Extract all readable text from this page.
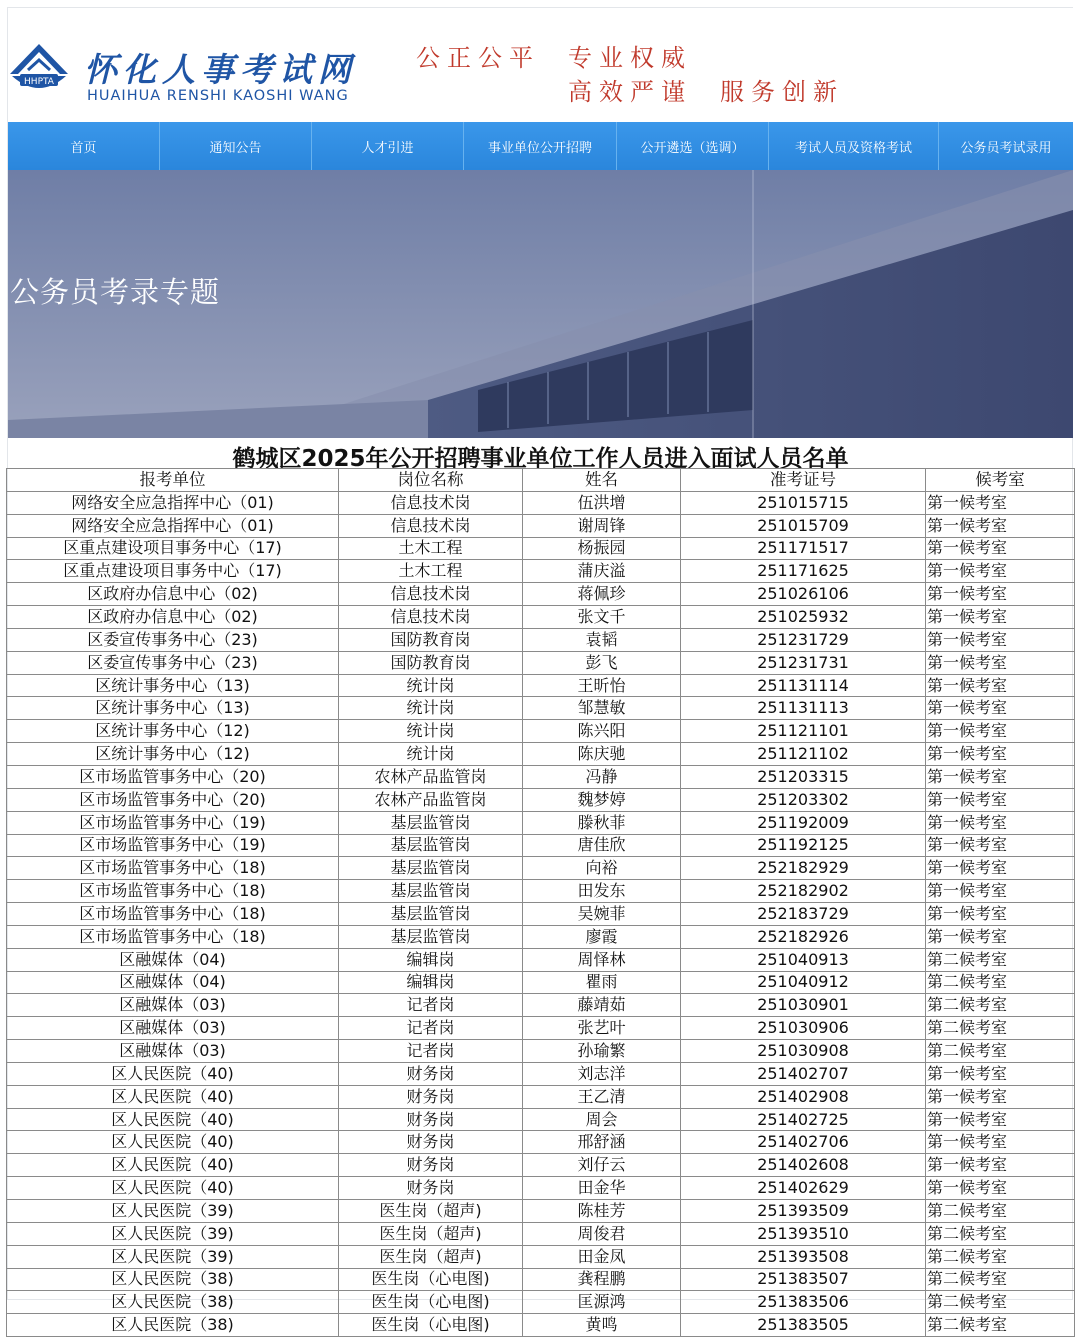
HHPTA 怀化人事考试网
HUAIHUA RENSHI KAOSHI WANG
公正公平 专业权威
高效严谨 服务创新
首页	通知公告	人才引进	事业单位公开招聘	公开遴选（选调）	考试人员及资格考试	公务员考试录用
公务员考录专题
鹤城区2025年公开招聘事业单位工作人员进入面试人员名单
报考单位	岗位名称	姓名	准考证号	候考室
网络安全应急指挥中心（01)	信息技术岗	伍洪增	251015715	第一候考室
网络安全应急指挥中心（01)	信息技术岗	谢周锋	251015709	第一候考室
区重点建设项目事务中心（17)	土木工程	杨振园	251171517	第一候考室
区重点建设项目事务中心（17)	土木工程	蒲庆溢	251171625	第一候考室
区政府办信息中心（02)	信息技术岗	蒋佩珍	251026106	第一候考室
区政府办信息中心（02)	信息技术岗	张文千	251025932	第一候考室
区委宣传事务中心（23)	国防教育岗	袁韬	251231729	第一候考室
区委宣传事务中心（23)	国防教育岗	彭飞	251231731	第一候考室
区统计事务中心（13)	统计岗	王昕怡	251131114	第一候考室
区统计事务中心（13)	统计岗	邹慧敏	251131113	第一候考室
区统计事务中心（12)	统计岗	陈兴阳	251121101	第一候考室
区统计事务中心（12)	统计岗	陈庆驰	251121102	第一候考室
区市场监管事务中心（20)	农林产品监管岗	冯静	251203315	第一候考室
区市场监管事务中心（20)	农林产品监管岗	魏梦婷	251203302	第一候考室
区市场监管事务中心（19)	基层监管岗	滕秋菲	251192009	第一候考室
区市场监管事务中心（19)	基层监管岗	唐佳欣	251192125	第一候考室
区市场监管事务中心（18)	基层监管岗	向裕	252182929	第一候考室
区市场监管事务中心（18)	基层监管岗	田发东	252182902	第一候考室
区市场监管事务中心（18)	基层监管岗	吴婉菲	252183729	第一候考室
区市场监管事务中心（18)	基层监管岗	廖霞	252182926	第一候考室
区融媒体（04)	编辑岗	周怿林	251040913	第二候考室
区融媒体（04)	编辑岗	瞿雨	251040912	第二候考室
区融媒体（03)	记者岗	藤靖茹	251030901	第二候考室
区融媒体（03)	记者岗	张艺叶	251030906	第二候考室
区融媒体（03)	记者岗	孙瑜繁	251030908	第二候考室
区人民医院（40)	财务岗	刘志洋	251402707	第一候考室
区人民医院（40)	财务岗	王乙清	251402908	第一候考室
区人民医院（40)	财务岗	周会	251402725	第一候考室
区人民医院（40)	财务岗	邢舒涵	251402706	第一候考室
区人民医院（40)	财务岗	刘仔云	251402608	第一候考室
区人民医院（40)	财务岗	田金华	251402629	第一候考室
区人民医院（39)	医生岗（超声)	陈桂芳	251393509	第二候考室
区人民医院（39)	医生岗（超声)	周俊君	251393510	第二候考室
区人民医院（39)	医生岗（超声)	田金凤	251393508	第二候考室
区人民医院（38)	医生岗（心电图)	龚程鹏	251383507	第二候考室
区人民医院（38)	医生岗（心电图)	匡源鸿	251383506	第二候考室
区人民医院（38)	医生岗（心电图)	黄鸣	251383505	第二候考室
